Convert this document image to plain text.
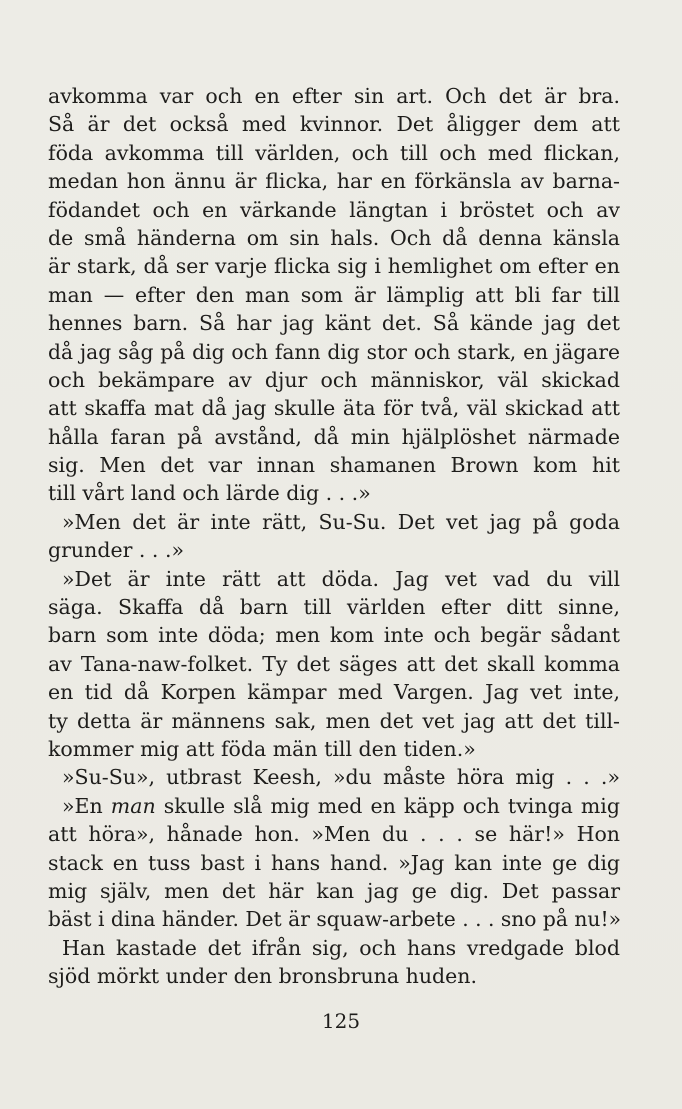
avkomma var och en efter sin art. Och det är bra.
Så är det också med kvinnor. Det åligger dem att
föda avkomma till världen, och till och med flickan,
medan hon ännu är flicka, har en förkänsla av barna-
födandet och en värkande längtan i bröstet och av
de små händerna om sin hals. Och då denna känsla
är stark, då ser varje flicka sig i hemlighet om efter en
man — efter den man som är lämplig att bli far till
hennes barn. Så har jag känt det. Så kände jag det
då jag såg på dig och fann dig stor och stark, en jägare
och bekämpare av djur och människor, väl skickad
att skaffa mat då jag skulle äta för två, väl skickad att
hålla faran på avstånd, då min hjälplöshet närmade
sig. Men det var innan shamanen Brown kom hit
till vårt land och lärde dig . . .»
»Men det är inte rätt, Su-Su. Det vet jag på goda
grunder . . .»
»Det är inte rätt att döda. Jag vet vad du vill
säga. Skaffa då barn till världen efter ditt sinne,
barn som inte döda; men kom inte och begär sådant
av Tana-naw-folket. Ty det säges att det skall komma
en tid då Korpen kämpar med Vargen. Jag vet inte,
ty detta är männens sak, men det vet jag att det till-
kommer mig att föda män till den tiden.»
»Su-Su», utbrast Keesh, »du måste höra mig . . .»
»En man skulle slå mig med en käpp och tvinga mig
att höra», hånade hon. »Men du . . . se här!» Hon
stack en tuss bast i hans hand. »Jag kan inte ge dig
mig själv, men det här kan jag ge dig. Det passar
bäst i dina händer. Det är squaw-arbete . . . sno på nu!»
Han kastade det ifrån sig, och hans vredgade blod
sjöd mörkt under den bronsbruna huden.
125
